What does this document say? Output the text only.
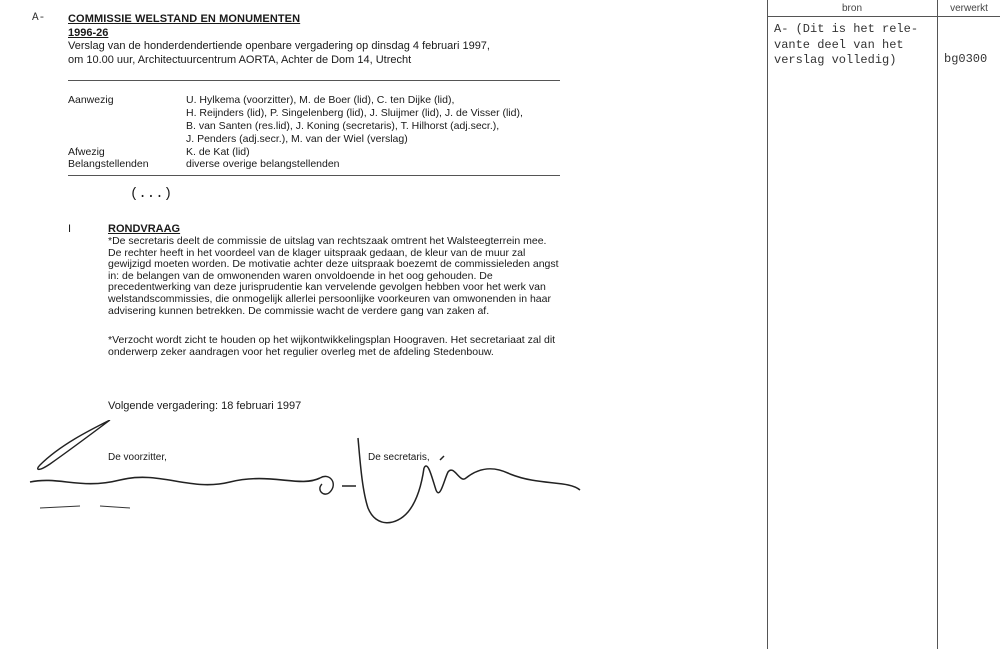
A- COMMISSIE WELSTAND EN MONUMENTEN
1996-26
Verslag van de honderdendertiende openbare vergadering op dinsdag 4 februari 1997,
om 10.00 uur, Architectuurcentrum AORTA, Achter de Dom 14, Utrecht
Aanwezig	U. Hylkema (voorzitter), M. de Boer (lid), C. ten Dijke (lid),
H. Reijnders (lid), P. Singelenberg (lid), J. Sluijmer (lid), J. de Visser (lid),
B. van Santen (res.lid), J. Koning (secretaris), T. Hilhorst (adj.secr.),
J. Penders (adj.secr.), M. van der Wiel (verslag)
Afwezig	K. de Kat (lid)
Belangstellenden	diverse overige belangstellenden
(...)
I	RONDVRAAG
*De secretaris deelt de commissie de uitslag van rechtszaak omtrent het Walsteegterrein mee. De rechter heeft in het voordeel van de klager uitspraak gedaan, de kleur van de muur zal gewijzigd moeten worden. De motivatie achter deze uitspraak boezemt de commissieleden angst in: de belangen van de omwonenden waren onvoldoende in het oog gehouden. De precedentwerking van deze jurisprudentie kan vervelende gevolgen hebben voor het werk van welstandscommissies, die onmogelijk allerlei persoonlijke voorkeuren van omwonenden in haar advisering kunnen betrekken. De commissie wacht de verdere gang van zaken af.
*Verzocht wordt zicht te houden op het wijkontwikkelingsplan Hoograven. Het secretariaat zal dit onderwerp zeker aandragen voor het regulier overleg met de afdeling Stedenbouw.
Volgende vergadering: 18 februari 1997
De voorzitter,	De secretaris,
bron	verwerkt
A- (Dit is het rele-
vante deel van het
verslag volledig)	bg0300
